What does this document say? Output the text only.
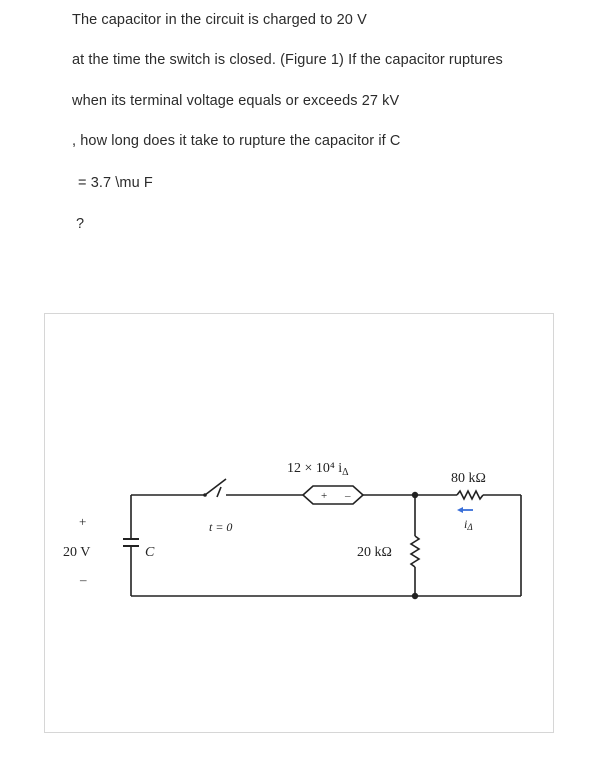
The capacitor in the circuit is charged to 20 V
at the time the switch is closed. (Figure 1) If the capacitor ruptures
when its terminal voltage equals or exceeds 27 kV
, how long does it take to rupture the capacitor if C
= 3.7 \mu F
?
+
20 V
–
C
t = 0
12 × 10⁴ $i_\Delta$
+ –
20 kΩ
80 kΩ
iΔ
